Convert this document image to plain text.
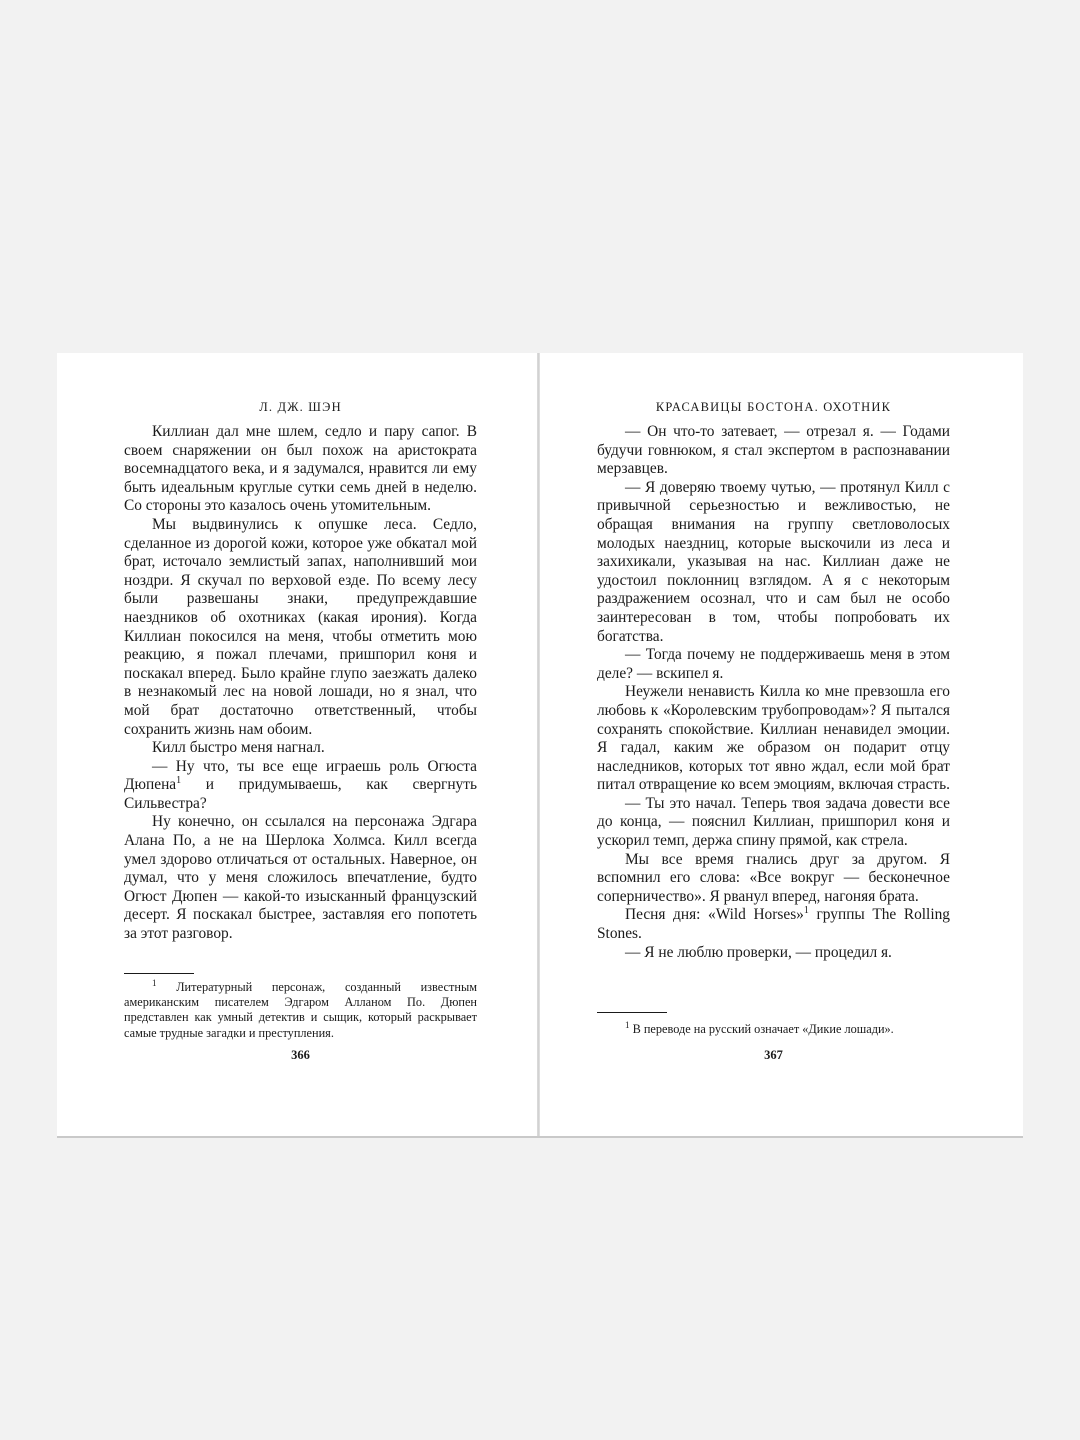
Л. ДЖ. ШЭН

Киллиан дал мне шлем, седло и пару сапог. В своем снаряжении он был похож на аристократа восемнадцатого века, и я задумался, нравится ли ему быть идеальным круглые сутки семь дней в неделю. Со стороны это казалось очень утомительным.

Мы выдвинулись к опушке леса. Седло, сделанное из дорогой кожи, которое уже обкатал мой брат, источало землистый запах, наполнивший мои ноздри. Я скучал по верховой езде. По всему лесу были развешаны знаки, предупреждавшие наездников об охотниках (какая ирония). Когда Киллиан покосился на меня, чтобы отметить мою реакцию, я пожал плечами, пришпорил коня и поскакал вперед. Было крайне глупо заезжать далеко в незнакомый лес на новой лошади, но я знал, что мой брат достаточно ответственный, чтобы сохранить жизнь нам обоим.

Килл быстро меня нагнал.

— Ну что, ты все еще играешь роль Огюста Дюпена$^1$ и придумываешь, как свергнуть Сильвестра?

Ну конечно, он ссылался на персонажа Эдгара Алана По, а не на Шерлока Холмса. Килл всегда умел здорово отличаться от остальных. Наверное, он думал, что у меня сложилось впечатление, будто Огюст Дюпен — какой-то изысканный французский десерт. Я поскакал быстрее, заставляя его попотеть за этот разговор.

$^1$ Литературный персонаж, созданный известным американским писателем Эдгаром Алланом По. Дюпен представлен как умный детектив и сыщик, который раскрывает самые трудные загадки и преступления.

366
КРАСАВИЦЫ БОСТОНА. ОХОТНИК

— Он что-то затевает, — отрезал я. — Годами будучи говнюком, я стал экспертом в распознавании мерзавцев.

— Я доверяю твоему чутью, — протянул Килл с привычной серьезностью и вежливостью, не обращая внимания на группу светловолосых молодых наездниц, которые выскочили из леса и захихикали, указывая на нас. Киллиан даже не удостоил поклонниц взглядом. А я с некоторым раздражением осознал, что и сам был не особо заинтересован в том, чтобы попробовать их богатства.

— Тогда почему не поддерживаешь меня в этом деле? — вскипел я.

Неужели ненависть Килла ко мне превзошла его любовь к «Королевским трубопроводам»? Я пытался сохранять спокойствие. Киллиан ненавидел эмоции. Я гадал, каким же образом он подарит отцу наследников, которых тот явно ждал, если мой брат питал отвращение ко всем эмоциям, включая страсть.

— Ты это начал. Теперь твоя задача довести все до конца, — пояснил Киллиан, пришпорил коня и ускорил темп, держа спину прямой, как стрела.

Мы все время гнались друг за другом. Я вспомнил его слова: «Все вокруг — бесконечное соперничество». Я рванул вперед, нагоняя брата.

Песня дня: «Wild Horses»$^1$ группы The Rolling Stones.

— Я не люблю проверки, — процедил я.

$^1$ В переводе на русский означает «Дикие лошади».

367
